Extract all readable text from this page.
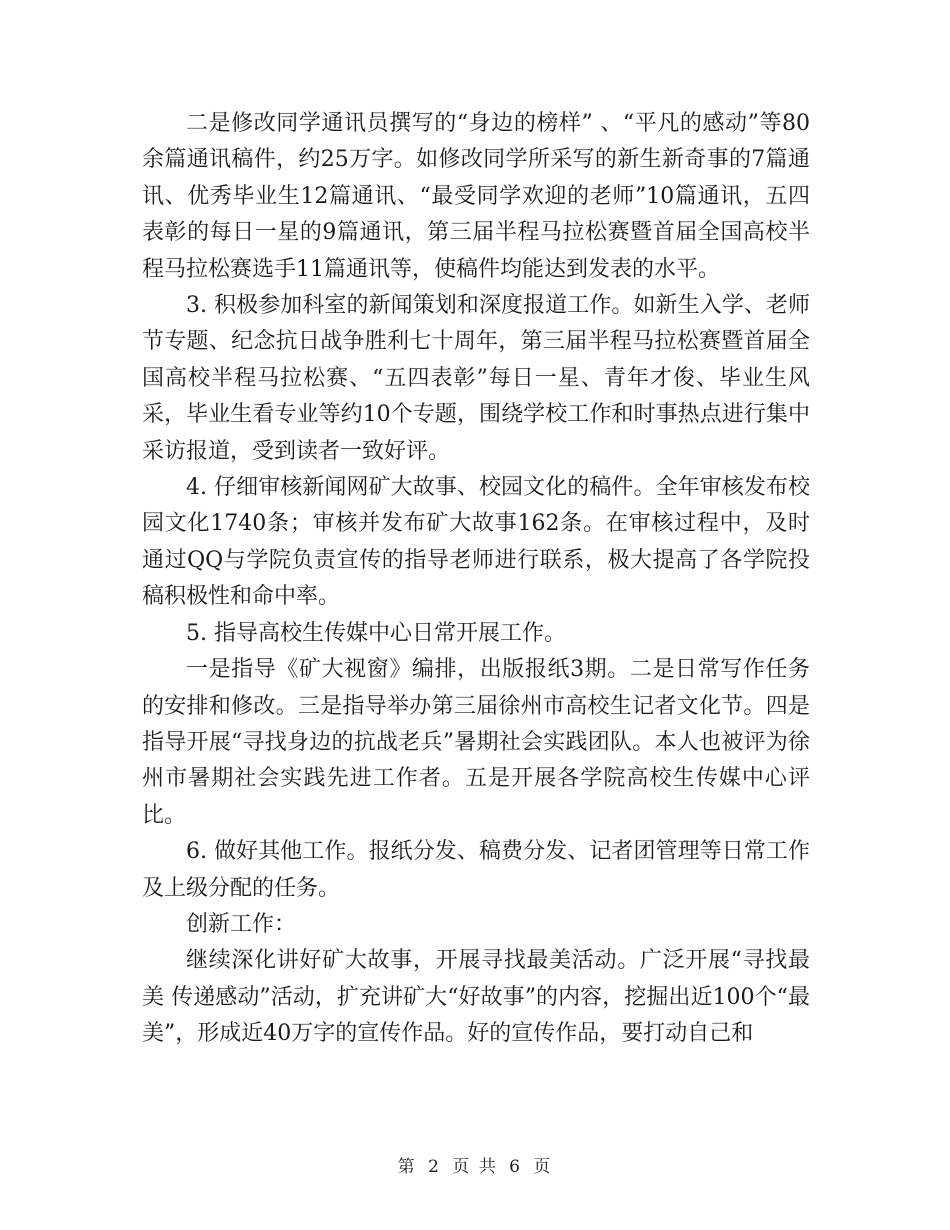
二是修改同学通讯员撰写的“身边的榜样” 、“平凡的感动”等80余篇通讯稿件，约25万字。如修改同学所采写的新生新奇事的7篇通讯、优秀毕业生12篇通讯、“最受同学欢迎的老师”10篇通讯，五四表彰的每日一星的9篇通讯，第三届半程马拉松赛暨首届全国高校半程马拉松赛选手11篇通讯等，使稿件均能达到发表的水平。

3. 积极参加科室的新闻策划和深度报道工作。如新生入学、老师节专题、纪念抗日战争胜利七十周年，第三届半程马拉松赛暨首届全国高校半程马拉松赛、“五四表彰”每日一星、青年才俊、毕业生风采，毕业生看专业等约10个专题，围绕学校工作和时事热点进行集中采访报道，受到读者一致好评。

4. 仔细审核新闻网矿大故事、校园文化的稿件。全年审核发布校园文化1740条；审核并发布矿大故事162条。在审核过程中，及时通过QQ与学院负责宣传的指导老师进行联系，极大提高了各学院投稿积极性和命中率。

5. 指导高校生传媒中心日常开展工作。

一是指导《矿大视窗》编排，出版报纸3期。二是日常写作任务的安排和修改。三是指导举办第三届徐州市高校生记者文化节。四是指导开展“寻找身边的抗战老兵”暑期社会实践团队。本人也被评为徐州市暑期社会实践先进工作者。五是开展各学院高校生传媒中心评比。

6. 做好其他工作。报纸分发、稿费分发、记者团管理等日常工作及上级分配的任务。

创新工作：

继续深化讲好矿大故事，开展寻找最美活动。广泛开展“寻找最美 传递感动”活动，扩充讲矿大“好故事”的内容，挖掘出近100个“最美”，形成近40万字的宣传作品。好的宣传作品，要打动自己和

第 2 页 共 6 页
